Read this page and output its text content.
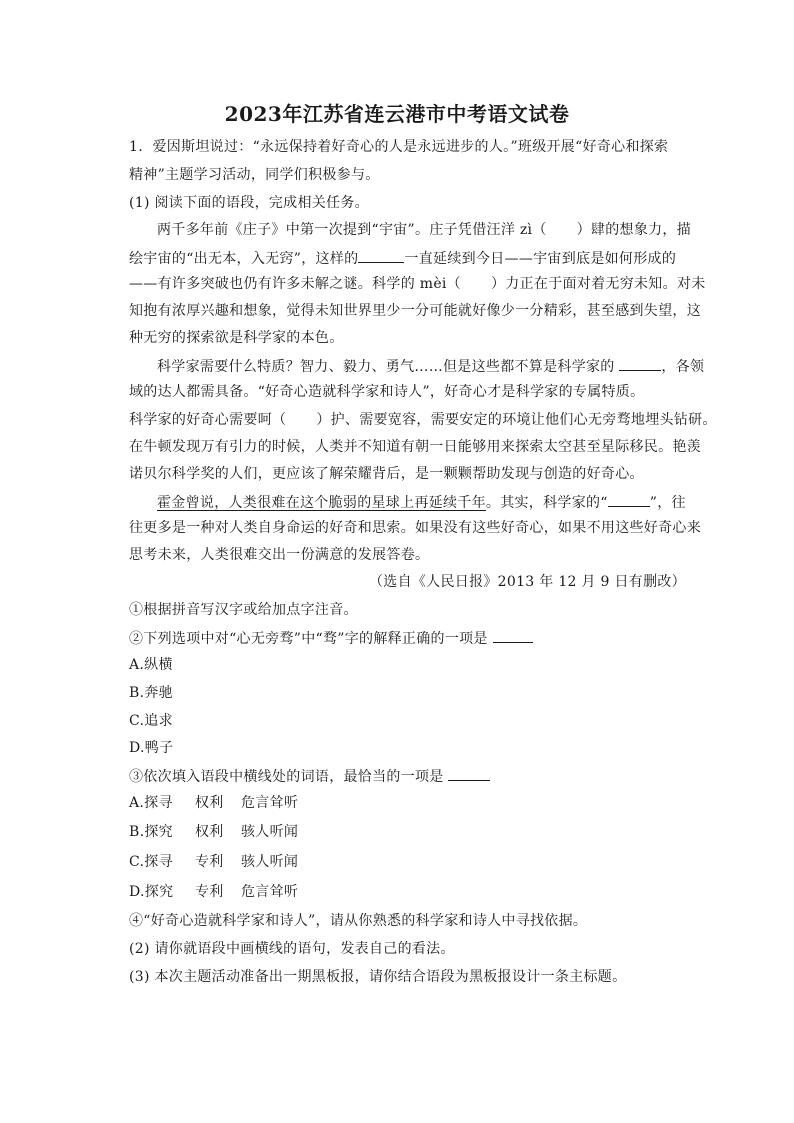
2023年江苏省连云港市中考语文试卷
1. 爱因斯坦说过：“永远保持着好奇心的人是永远进步的人。”班级开展“好奇心和探索
精神”主题学习活动，同学们积极参与。
(1) 阅读下面的语段，完成相关任务。
两千多年前《庄子》中第一次提到“宇宙”。庄子凭借汪洋 zì（ ）肆的想象力，描
绘宇宙的“出无本，入无窍”，这样的	一直延续到今日——宇宙到底是如何形成的
——有许多突破也仍有许多未解之谜。科学的 mèi（ ）力正在于面对着无穷未知。对未
知抱有浓厚兴趣和想象，觉得未知世界里少一分可能就好像少一分精彩，甚至感到失望，这
种无穷的探索欲是科学家的本色。
科学家需要什么特质？智力、毅力、勇气……但是这些都不算是科学家的	，各领
域的达人都需具备。“好奇心造就科学家和诗人”，好奇心才是科学家的专属特质。
科学家的好奇心需要呵（ ）护、需要宽容，需要安定的环境让他们心无旁骛地埋头钻研。
在牛顿发现万有引力的时候，人类并不知道有朝一日能够用来探索太空甚至星际移民。艳羡
诺贝尔科学奖的人们，更应该了解荣耀背后，是一颗颗帮助发现与创造的好奇心。
霍金曾说，人类很难在这个脆弱的星球上再延续千年。其实，科学家的“	”，往
往更多是一种对人类自身命运的好奇和思索。如果没有这些好奇心，如果不用这些好奇心来
思考未来，人类很难交出一份满意的发展答卷。
（选自《人民日报》2013 年 12 月 9 日有删改）
①根据拼音写汉字或给加点字注音。
②下列选项中对“心无旁骛”中“骛”字的解释正确的一项是
A.纵横
B.奔驰
C.追求
D.鸭子
③依次填入语段中横线处的词语，最恰当的一项是
A.探寻 权利 危言耸听
B.探究 权利 骇人听闻
C.探寻 专利 骇人听闻
D.探究 专利 危言耸听
④“好奇心造就科学家和诗人”，请从你熟悉的科学家和诗人中寻找依据。
(2) 请你就语段中画横线的语句，发表自己的看法。
(3) 本次主题活动准备出一期黑板报，请你结合语段为黑板报设计一条主标题。
